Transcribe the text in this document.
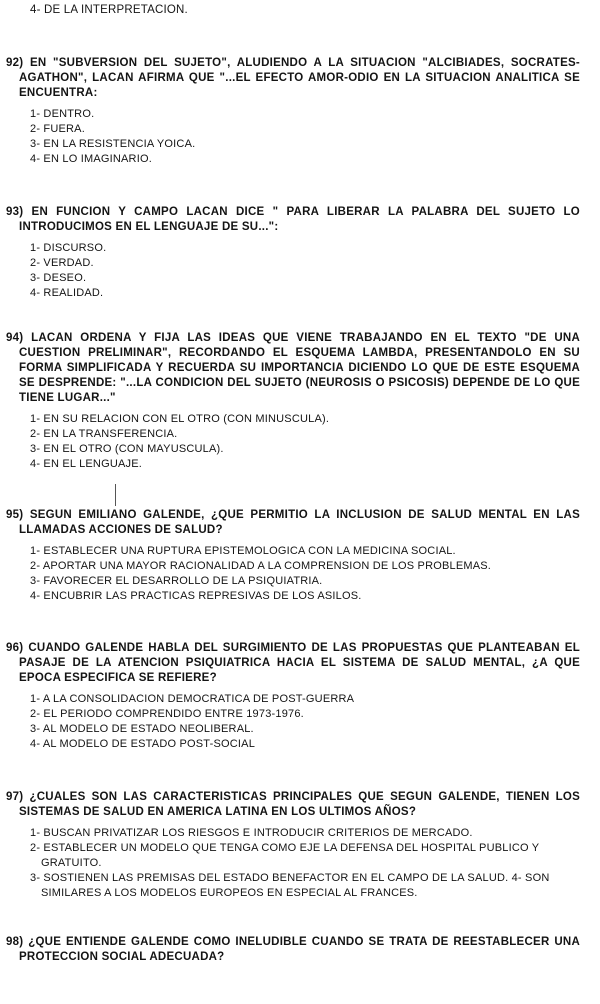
4- DE LA INTERPRETACION.

92) EN "SUBVERSION DEL SUJETO", ALUDIENDO A LA SITUACION "ALCIBIADES, SOCRATES-AGATHON", LACAN AFIRMA QUE "...EL EFECTO AMOR-ODIO EN LA SITUACION ANALITICA SE ENCUENTRA:

1- DENTRO.
2- FUERA.
3- EN LA RESISTENCIA YOICA.
4- EN LO IMAGINARIO.

93) EN FUNCION Y CAMPO LACAN DICE " PARA LIBERAR LA PALABRA DEL SUJETO LO INTRODUCIMOS EN EL LENGUAJE DE SU...":

1- DISCURSO.
2- VERDAD.
3- DESEO.
4- REALIDAD.

94) LACAN ORDENA Y FIJA LAS IDEAS QUE VIENE TRABAJANDO EN EL TEXTO "DE UNA CUESTION PRELIMINAR", RECORDANDO EL ESQUEMA LAMBDA, PRESENTANDOLO EN SU FORMA SIMPLIFICADA Y RECUERDA SU IMPORTANCIA DICIENDO LO QUE DE ESTE ESQUEMA SE DESPRENDE: "...LA CONDICION DEL SUJETO (NEUROSIS O PSICOSIS) DEPENDE DE LO QUE TIENE LUGAR..."

1- EN SU RELACION CON EL OTRO (CON MINUSCULA).
2- EN LA TRANSFERENCIA.
3- EN EL OTRO (CON MAYUSCULA).
4- EN EL LENGUAJE.

95) SEGUN EMILIANO GALENDE, ¿QUE PERMITIO LA INCLUSION DE SALUD MENTAL EN LAS LLAMADAS ACCIONES DE SALUD?

1- ESTABLECER UNA RUPTURA EPISTEMOLOGICA CON LA MEDICINA SOCIAL.
2- APORTAR UNA MAYOR RACIONALIDAD A LA COMPRENSION DE LOS PROBLEMAS.
3- FAVORECER EL DESARROLLO DE LA PSIQUIATRIA.
4- ENCUBRIR LAS PRACTICAS REPRESIVAS DE LOS ASILOS.

96) CUANDO GALENDE HABLA DEL SURGIMIENTO DE LAS PROPUESTAS QUE PLANTEABAN EL PASAJE DE LA ATENCION PSIQUIATRICA HACIA EL SISTEMA DE SALUD MENTAL, ¿A QUE EPOCA ESPECIFICA SE REFIERE?

1- A LA CONSOLIDACION DEMOCRATICA DE POST-GUERRA
2- EL PERIODO COMPRENDIDO ENTRE 1973-1976.
3- AL MODELO DE ESTADO NEOLIBERAL.
4- AL MODELO DE ESTADO POST-SOCIAL

97) ¿CUALES SON LAS CARACTERISTICAS PRINCIPALES QUE SEGUN GALENDE, TIENEN LOS SISTEMAS DE SALUD EN AMERICA LATINA EN LOS ULTIMOS AÑOS?

1- BUSCAN PRIVATIZAR LOS RIESGOS E INTRODUCIR CRITERIOS DE MERCADO.
2- ESTABLECER UN MODELO QUE TENGA COMO EJE LA DEFENSA DEL HOSPITAL PUBLICO Y GRATUITO.
3- SOSTIENEN LAS PREMISAS DEL ESTADO BENEFACTOR EN EL CAMPO DE LA SALUD. 4- SON SIMILARES A LOS MODELOS EUROPEOS EN ESPECIAL AL FRANCES.

98) ¿QUE ENTIENDE GALENDE COMO INELUDIBLE CUANDO SE TRATA DE REESTABLECER UNA PROTECCION SOCIAL ADECUADA?
